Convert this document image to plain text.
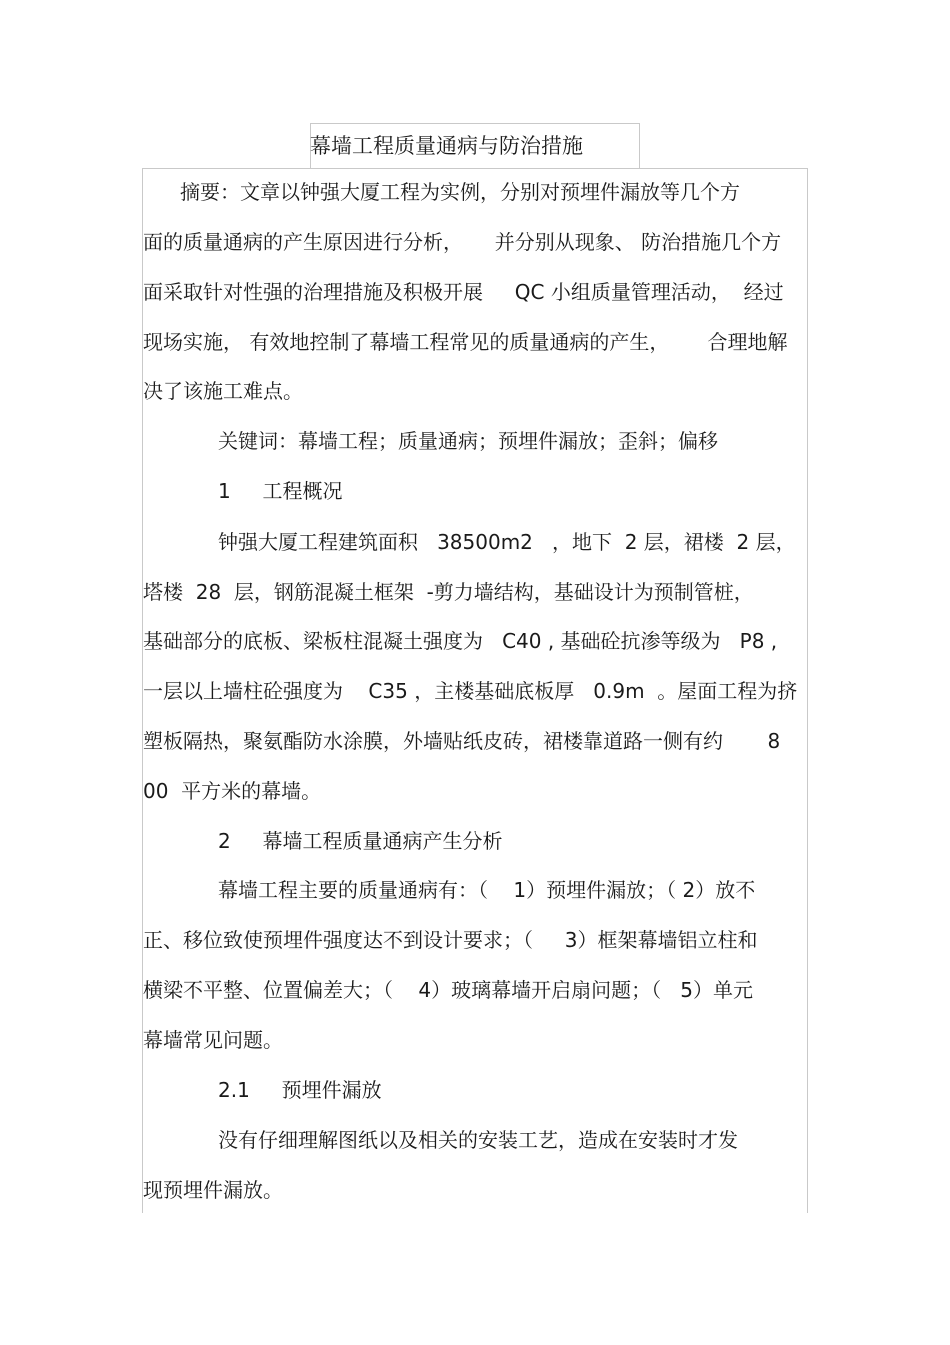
幕墙工程质量通病与防治措施
摘要：文章以钟强大厦工程为实例，分别对预埋件漏放等几个方
面的质量通病的产生原因进行分析，     并分别从现象、 防治措施几个方
面采取针对性强的治理措施及积极开展     QC 小组质量管理活动，  经过
现场实施， 有效地控制了幕墙工程常见的质量通病的产生，      合理地解
决了该施工难点。
关键词：幕墙工程；质量通病；预埋件漏放；歪斜；偏移
1     工程概况
钟强大厦工程建筑面积   38500m2   ，地下  2 层，裙楼  2 层，
塔楼  28  层，钢筋混凝土框架  -剪力墙结构，基础设计为预制管桩，
基础部分的底板、梁板柱混凝土强度为   C40 , 基础砼抗渗等级为   P8 ,
一层以上墙柱砼强度为    C35 ，主楼基础底板厚   0.9m  。屋面工程为挤
塑板隔热，聚氨酯防水涂膜，外墙贴纸皮砖，裙楼靠道路一侧有约       8
00  平方米的幕墙。
2     幕墙工程质量通病产生分析
幕墙工程主要的质量通病有：（    1）预埋件漏放；（ 2）放不
正、移位致使预埋件强度达不到设计要求；（     3）框架幕墙铝立柱和
横梁不平整、位置偏差大；（    4）玻璃幕墙开启扇问题；（   5）单元
幕墙常见问题。
2.1     预埋件漏放
没有仔细理解图纸以及相关的安装工艺，造成在安装时才发
现预埋件漏放。
